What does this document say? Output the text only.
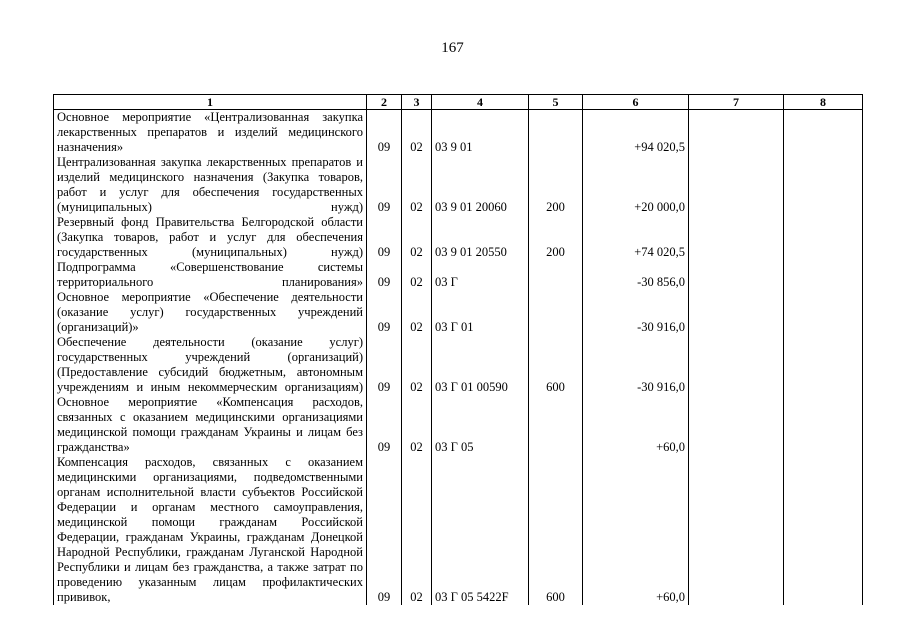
167
1	2	3	4	5	6	7	8
Основное мероприятие «Централизованная закупка лекарственных препаратов и изделий медицинского назначения»	09	02	03 9 01		+94 020,5		
Централизованная закупка лекарственных препаратов и изделий медицинского назначения (Закупка товаров, работ и услуг для обеспечения государственных (муниципальных) нужд)	09	02	03 9 01 20060	200	+20 000,0		
Резервный фонд Правительства Белгородской области (Закупка товаров, работ и услуг для обеспечения государственных (муниципальных) нужд)	09	02	03 9 01 20550	200	+74 020,5		
Подпрограмма «Совершенствование системы территориального планирования»	09	02	03 Г		-30 856,0		
Основное мероприятие «Обеспечение деятельности (оказание услуг) государственных учреждений (организаций)»	09	02	03 Г 01		-30 916,0		
Обеспечение деятельности (оказание услуг) государственных учреждений (организаций) (Предоставление субсидий бюджетным, автономным учреждениям и иным некоммерческим организациям)	09	02	03 Г 01 00590	600	-30 916,0		
Основное мероприятие «Компенсация расходов, связанных с оказанием медицинскими организациями медицинской помощи гражданам Украины и лицам без гражданства»	09	02	03 Г 05		+60,0		
Компенсация расходов, связанных с оказанием медицинскими организациями, подведомственными органам исполнительной власти субъектов Российской Федерации и органам местного самоуправления, медицинской помощи гражданам Российской Федерации, гражданам Украины, гражданам Донецкой Народной Республики, гражданам Луганской Народной Республики и лицам без гражданства, а также затрат по проведению указанным лицам профилактических прививок,	09	02	03 Г 05 5422F	600	+60,0		
